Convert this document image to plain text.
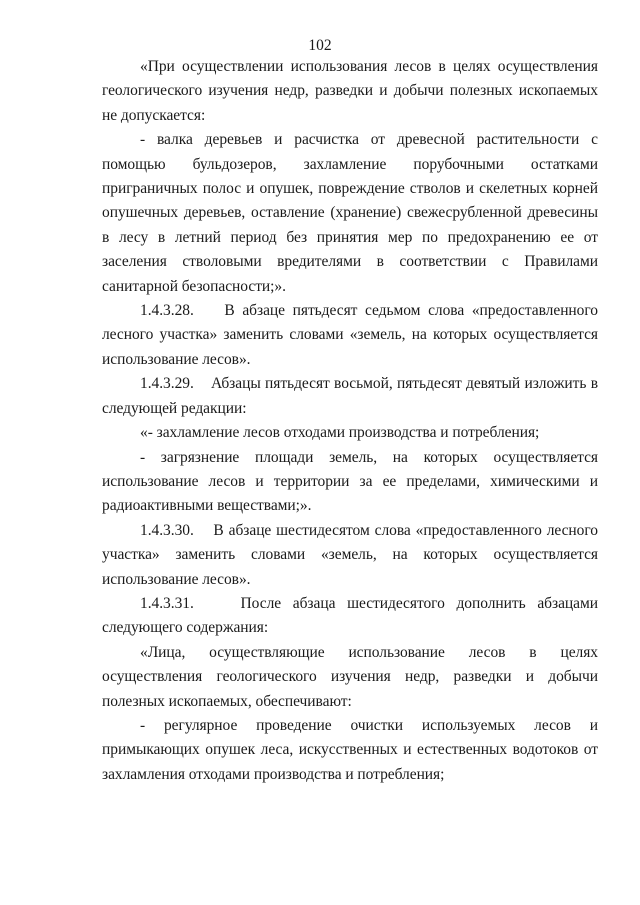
102

«При осуществлении использования лесов в целях осуществления геологического изучения недр, разведки и добычи полезных ископаемых не допускается:

- валка деревьев и расчистка от древесной растительности с помощью бульдозеров, захламление порубочными остатками приграничных полос и опушек, повреждение стволов и скелетных корней опушечных деревьев, оставление (хранение) свежесрубленной древесины в лесу в летний период без принятия мер по предохранению ее от заселения стволовыми вредителями в соответствии с Правилами санитарной безопасности;».

1.4.3.28.    В абзаце пятьдесят седьмом слова «предоставленного лесного участка» заменить словами «земель, на которых осуществляется использование лесов».

1.4.3.29.    Абзацы пятьдесят восьмой, пятьдесят девятый изложить в следующей редакции:

«- захламление лесов отходами производства и потребления;

- загрязнение площади земель, на которых осуществляется использование лесов и территории за ее пределами, химическими и радиоактивными веществами;».

1.4.3.30.    В абзаце шестидесятом слова «предоставленного лесного участка» заменить словами «земель, на которых осуществляется использование лесов».

1.4.3.31.    После абзаца шестидесятого дополнить абзацами следующего содержания:

«Лица, осуществляющие использование лесов в целях осуществления геологического изучения недр, разведки и добычи полезных ископаемых, обеспечивают:

- регулярное проведение очистки используемых лесов и примыкающих опушек леса, искусственных и естественных водотоков от захламления отходами производства и потребления;
